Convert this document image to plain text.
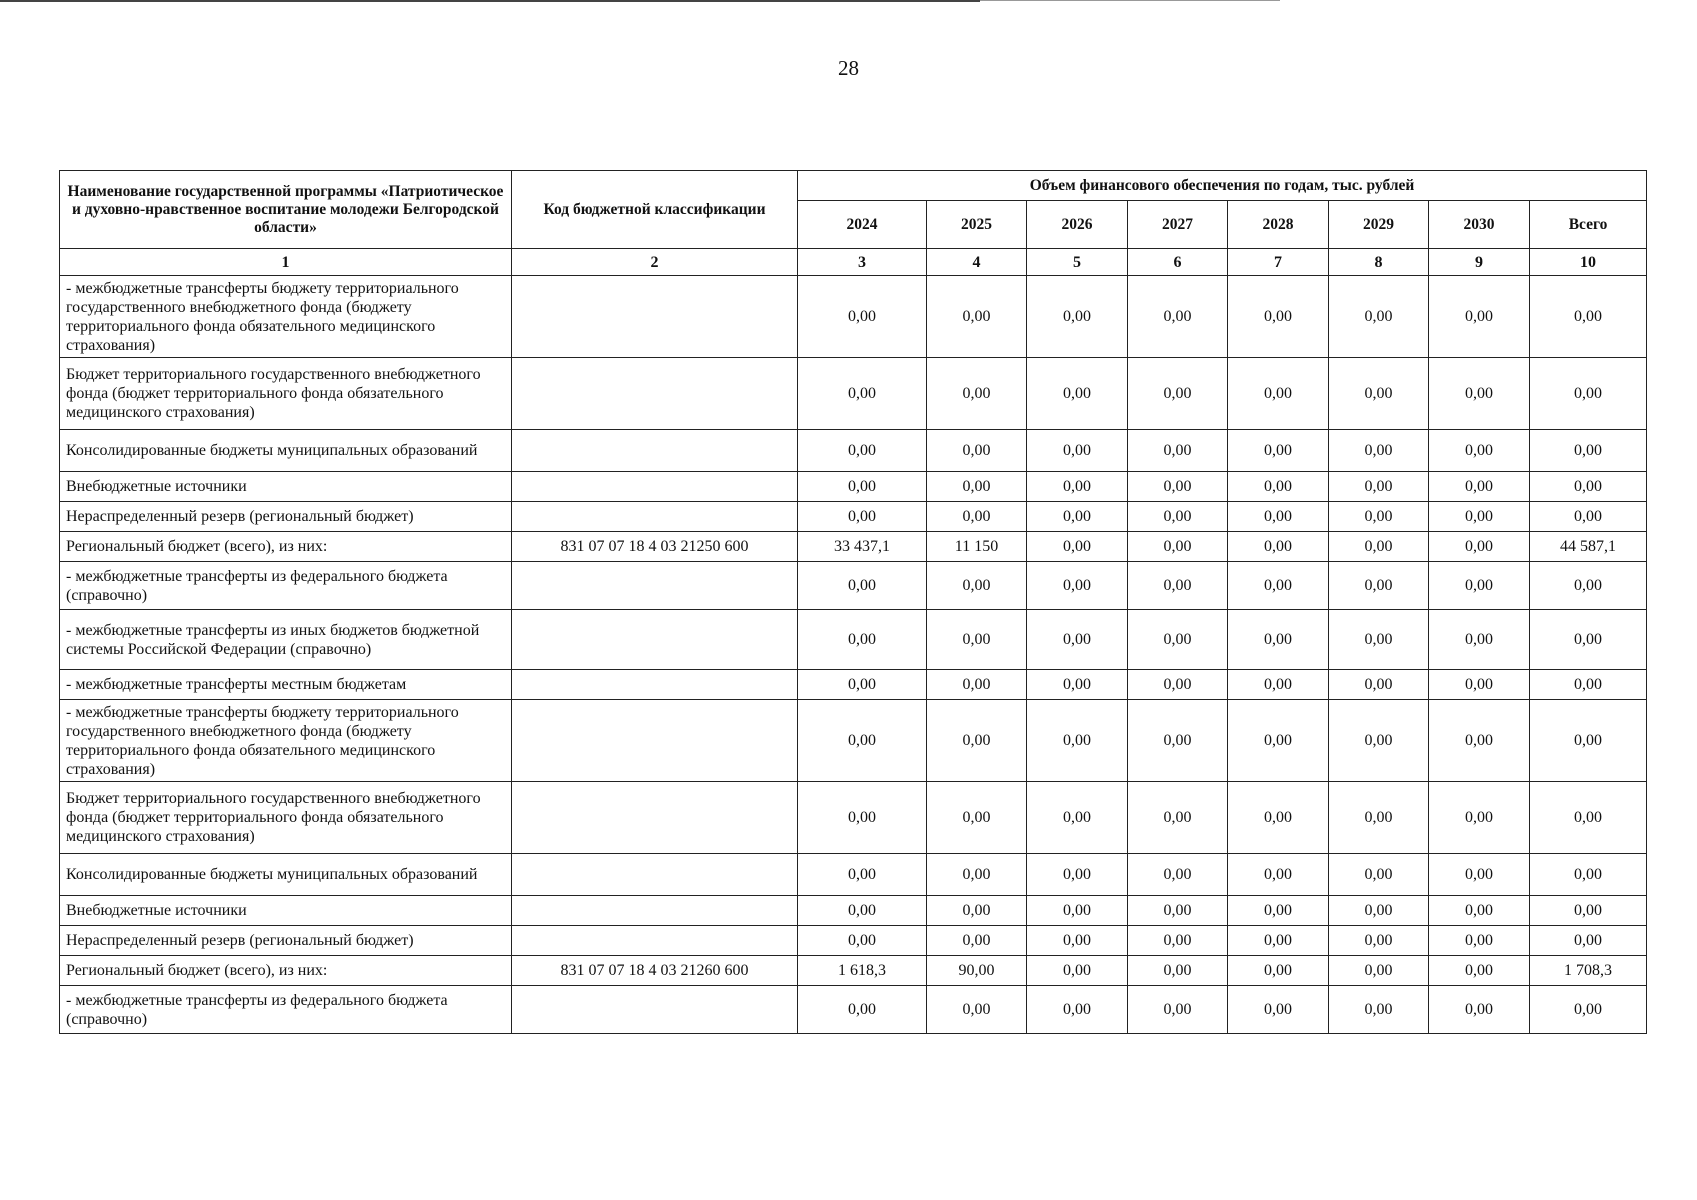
28
Наименование государственной программы «Патриотическое и духовно-нравственное воспитание молодежи Белгородской области»	Код бюджетной классификации	Объем финансового обеспечения по годам, тыс. рублей							
		2024	2025	2026	2027	2028	2029	2030	Всего
1	2	3	4	5	6	7	8	9	10
- межбюджетные трансферты бюджету территориального государственного внебюджетного фонда (бюджету территориального фонда обязательного медицинского страхования)		0,00	0,00	0,00	0,00	0,00	0,00	0,00	0,00
Бюджет территориального государственного внебюджетного фонда (бюджет территориального фонда обязательного медицинского страхования)		0,00	0,00	0,00	0,00	0,00	0,00	0,00	0,00
Консолидированные бюджеты муниципальных образований		0,00	0,00	0,00	0,00	0,00	0,00	0,00	0,00
Внебюджетные источники		0,00	0,00	0,00	0,00	0,00	0,00	0,00	0,00
Нераспределенный резерв (региональный бюджет)		0,00	0,00	0,00	0,00	0,00	0,00	0,00	0,00
Региональный бюджет (всего), из них:	831 07 07 18 4 03 21250 600	33 437,1	11 150	0,00	0,00	0,00	0,00	0,00	44 587,1
- межбюджетные трансферты из федерального бюджета (справочно)		0,00	0,00	0,00	0,00	0,00	0,00	0,00	0,00
- межбюджетные трансферты из иных бюджетов бюджетной системы Российской Федерации (справочно)		0,00	0,00	0,00	0,00	0,00	0,00	0,00	0,00
- межбюджетные трансферты местным бюджетам		0,00	0,00	0,00	0,00	0,00	0,00	0,00	0,00
- межбюджетные трансферты бюджету территориального государственного внебюджетного фонда (бюджету территориального фонда обязательного медицинского страхования)		0,00	0,00	0,00	0,00	0,00	0,00	0,00	0,00
Бюджет территориального государственного внебюджетного фонда (бюджет территориального фонда обязательного медицинского страхования)		0,00	0,00	0,00	0,00	0,00	0,00	0,00	0,00
Консолидированные бюджеты муниципальных образований		0,00	0,00	0,00	0,00	0,00	0,00	0,00	0,00
Внебюджетные источники		0,00	0,00	0,00	0,00	0,00	0,00	0,00	0,00
Нераспределенный резерв (региональный бюджет)		0,00	0,00	0,00	0,00	0,00	0,00	0,00	0,00
Региональный бюджет (всего), из них:	831 07 07 18 4 03 21260 600	1 618,3	90,00	0,00	0,00	0,00	0,00	0,00	1 708,3
- межбюджетные трансферты из федерального бюджета (справочно)		0,00	0,00	0,00	0,00	0,00	0,00	0,00	0,00
